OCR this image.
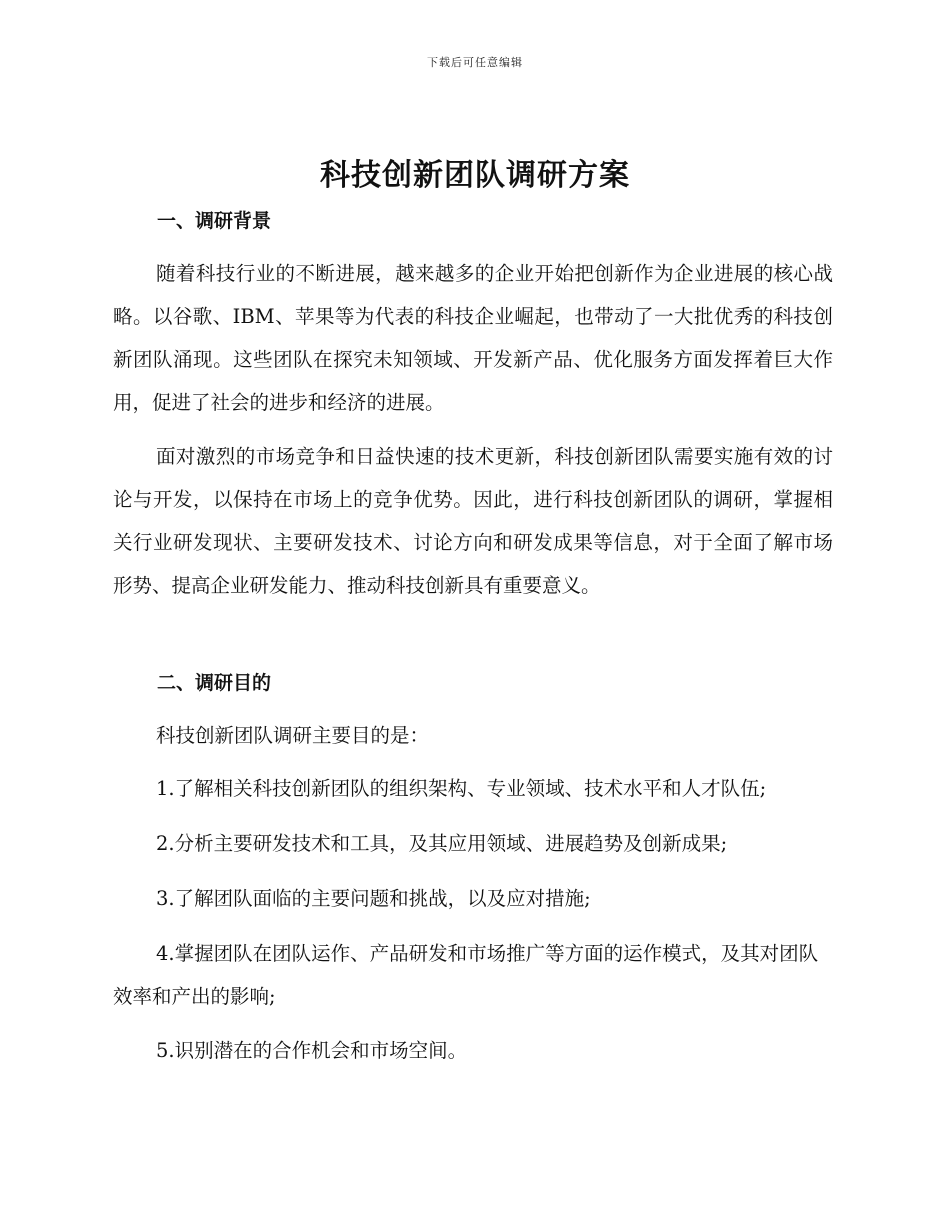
下载后可任意编辑
科技创新团队调研方案
一、调研背景

随着科技行业的不断进展，越来越多的企业开始把创新作为企业进展的核心战略。以谷歌、IBM、苹果等为代表的科技企业崛起，也带动了一大批优秀的科技创新团队涌现。这些团队在探究未知领域、开发新产品、优化服务方面发挥着巨大作用，促进了社会的进步和经济的进展。

面对激烈的市场竞争和日益快速的技术更新，科技创新团队需要实施有效的讨论与开发，以保持在市场上的竞争优势。因此，进行科技创新团队的调研，掌握相关行业研发现状、主要研发技术、讨论方向和研发成果等信息，对于全面了解市场形势、提高企业研发能力、推动科技创新具有重要意义。

二、调研目的

科技创新团队调研主要目的是：

1.了解相关科技创新团队的组织架构、专业领域、技术水平和人才队伍;

2.分析主要研发技术和工具，及其应用领域、进展趋势及创新成果;

3.了解团队面临的主要问题和挑战，以及应对措施;

4.掌握团队在团队运作、产品研发和市场推广等方面的运作模式，及其对团队效率和产出的影响;

5.识别潜在的合作机会和市场空间。
